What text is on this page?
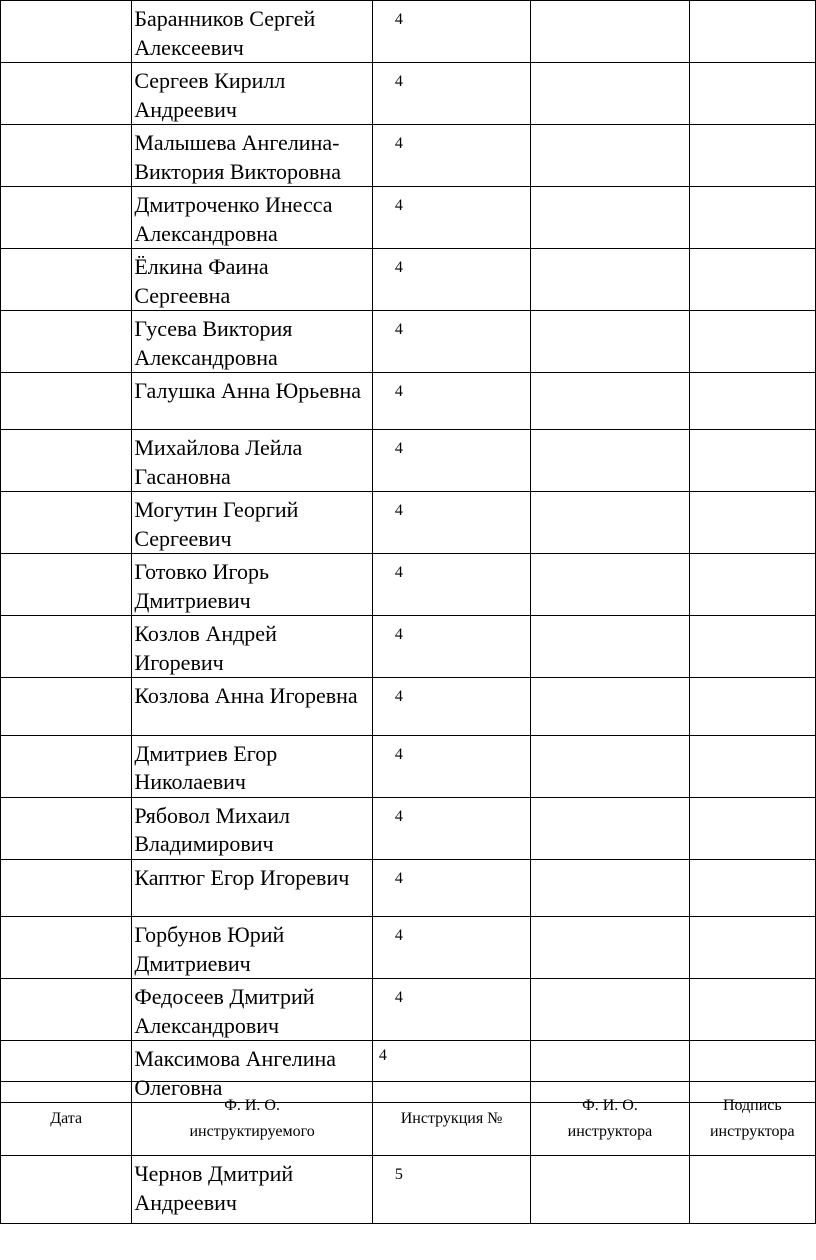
	Баранников Сергей Алексеевич	4		
	Сергеев Кирилл Андреевич	4		
	Малышева Ангелина-Виктория Викторовна	4		
	Дмитроченко Инесса Александровна	4		
	Ёлкина Фаина Сергеевна	4		
	Гусева Виктория Александровна	4		
	Галушка Анна Юрьевна	4		
	Михайлова Лейла Гасановна	4		
	Могутин Георгий Сергеевич	4		
	Готовко Игорь Дмитриевич	4		
	Козлов Андрей Игоревич	4		
	Козлова Анна Игоревна	4		
	Дмитриев Егор Николаевич	4		
	Рябовол Михаил Владимирович	4		
	Каптюг Егор Игоревич	4		
	Горбунов Юрий Дмитриевич	4		
	Федосеев Дмитрий Александрович	4		
	Максимова Ангелина Олеговна	4		
Дата	Ф. И. О. инструктируемого	Инструкция №	Ф. И. О. инструктора	Подпись инструктора
	Чернов Дмитрий Андреевич	5		
